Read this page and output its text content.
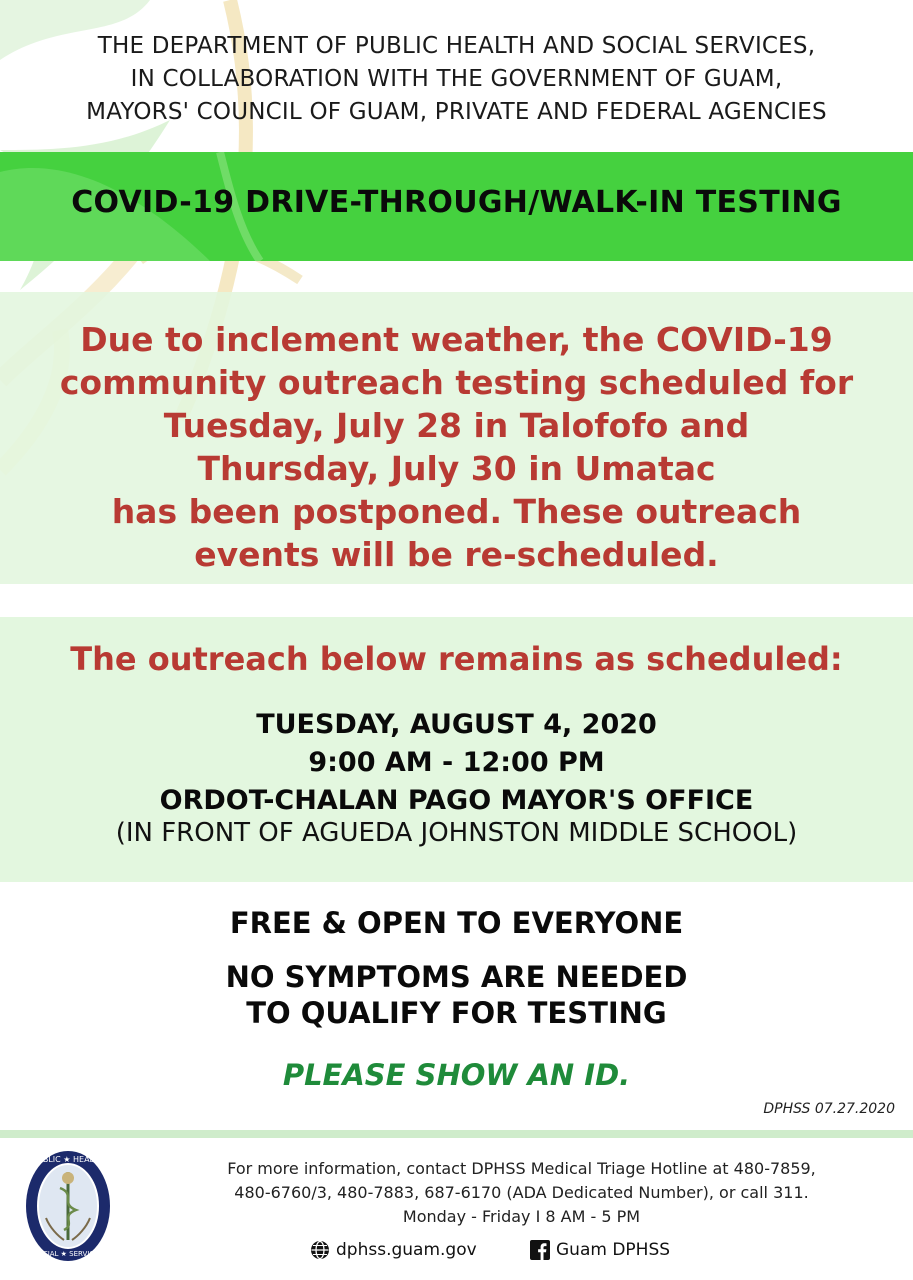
THE DEPARTMENT OF PUBLIC HEALTH AND SOCIAL SERVICES,
IN COLLABORATION WITH THE GOVERNMENT OF GUAM,
MAYORS' COUNCIL OF GUAM, PRIVATE AND FEDERAL AGENCIES
COVID-19 DRIVE-THROUGH/WALK-IN TESTING
Due to inclement weather, the COVID-19
community outreach testing scheduled for
Tuesday, July 28 in Talofofo and
Thursday, July 30 in Umatac
has been postponed. These outreach
events will be re-scheduled.
The outreach below remains as scheduled:
TUESDAY, AUGUST 4, 2020
9:00 AM - 12:00 PM
ORDOT-CHALAN PAGO MAYOR'S OFFICE
(IN FRONT OF AGUEDA JOHNSTON MIDDLE SCHOOL)
FREE & OPEN TO EVERYONE
NO SYMPTOMS ARE NEEDED
TO QUALIFY FOR TESTING
PLEASE SHOW AN ID.
DPHSS 07.27.2020
PUBLIC ★ HEALTH
SOCIAL ★ SERVICES
For more information, contact DPHSS Medical Triage Hotline at 480-7859,
480-6760/3, 480-7883, 687-6170 (ADA Dedicated Number), or call 311.
Monday - Friday I 8 AM - 5 PM
dphss.guam.gov	Guam DPHSS
